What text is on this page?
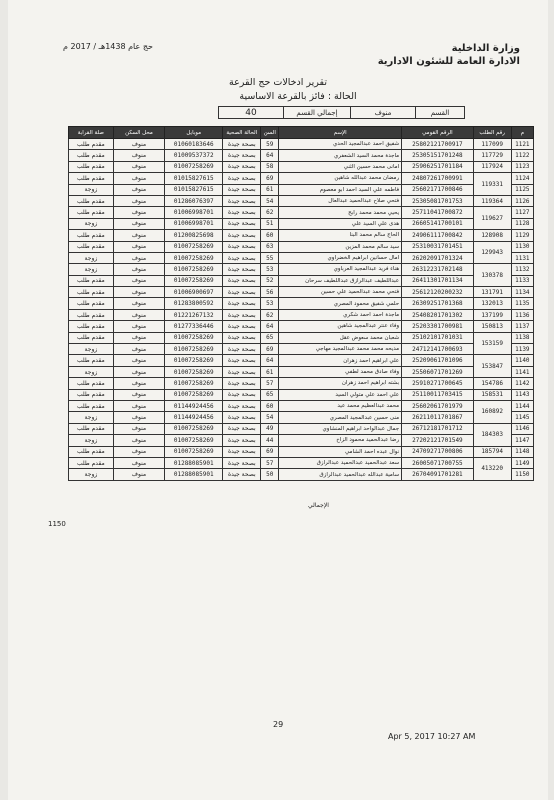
وزارة الداخلية
الادارة العامة للشئون الادارية
حج عام 1438هـ / 2017 م
تقرير ادخالات حج القرعة
الحالة : فائز بالقرعة الاساسية
القسم	منوف	إجمالي القسم	40
م	رقم الطلب	الرقم القومي	الإسم	السن	الحالة الصحية	موبايل	محل السكن	صلة القرابة
1121	117099	25802121700917	شفيق احمد عبدالمجيد الحدي	59	بصحة جيدة	01060183646	منوف	مقدم طلب
1122	117729	25305151701248	ماجدة محمد السيد الشعفري	64	بصحة جيدة	01009537372	منوف	مقدم طلب
1123	117924	25906251701184	امانى محمد حسين الثني	58	بصحة جيدة	01007258269	منوف	مقدم طلب
1124	119331	24807261700991	رمضان محمد عبدالله شاهين	69	بصحة جيدة	01015827615	منوف	مقدم طلب
1125		25602171700846	فاطمه علي السيد احمد ابو معصوم	61	بصحة جيدة	01015827615	منوف	زوجة
1126	119364	25305081701753	فتحي صلاح عبدالحميد عبدالعال	54	بصحة جيدة	01286076397	منوف	مقدم طلب
1127	119627	25711041700872	يحيي محمد محمد رابح	62	بصحة جيدة	01006998701	منوف	مقدم طلب
1128		26605141700101	هدى علي السيد علي	51	بصحة جيدة	01006998701	منوف	زوجة
1129	128908	24906111700842	الحاج سالم محمد البنا	60	بصحة جيدة	01200825698	منوف	مقدم طلب
1130	129943	25310031701451	سيد سالم محمد المزين	63	بصحة جيدة	01007258269	منوف	مقدم طلب
1131		26202091701324	امال حسانين ابراهيم الخضراوي	55	بصحة جيدة	01007258269	منوف	زوجة
1132	130378	26312231702148	هناء فريد عبدالمجيد العرباوي	53	بصحة جيدة	01007258269	منوف	زوجة
1133		26411301701134	عبداللطيف عبدالرازق عبداللطيف سرحان	52	بصحة جيدة	01007258269	منوف	مقدم طلب
1134	131791	25612120200232	فتحي محمد عبدالحميد علي حسين	56	بصحة جيدة	01006900697	منوف	مقدم طلب
1135	132013	26309251701368	حلمي شفيق محمود المصري	53	بصحة جيدة	01283800592	منوف	مقدم طلب
1136	137199	25408201701302	ماجدة احمد احمد شكري	62	بصحة جيدة	01221267132	منوف	مقدم طلب
1137	150813	25203301700981	وفاء عنتر عبدالمجيد شاهين	64	بصحة جيدة	01277336446	منوف	مقدم طلب
1138	153159	25102101701031	شعبان محمد سعوض عقل	65	بصحة جيدة	01007258269	منوف	مقدم طلب
1139		24712141700693	مديحه محمد محمد عبدالمجيد مهاجي	69	بصحة جيدة	01007258269	منوف	زوجة
1140	153847	25209061701096	علي ابراهيم احمد زهران	64	بصحة جيدة	01007258269	منوف	مقدم طلب
1141		25506071701269	وفاء صادق محمد لطفي	61	بصحة جيدة	01007258269	منوف	زوجة
1142	154786	25910271700645	بشته ابراهيم احمد زهران	57	بصحة جيدة	01007258269	منوف	مقدم طلب
1143	158531	25110011703415	علي احمد علي متولي السيد	65	بصحة جيدة	01007258269	منوف	مقدم طلب
1144	160892	25602061701979	محمد عبدالعظيم محمد عيد	60	بصحة جيدة	01144924456	منوف	مقدم طلب
1145		26211011701867	منى حسين عبدالمجيد المصري	54	بصحة جيدة	01144924456	منوف	زوجة
1146	184303	26712181701712	جمال عبدالواحد ابراهيم المنشاوي	49	بصحة جيدة	01007258269	منوف	مقدم طلب
1147		27202121701549	رضا عبدالحميد محمود الزاخ	44	بصحة جيدة	01007258269	منوف	زوجة
1148	185794	24709271700806	نوال عبده احمد الشامي	69	بصحة جيدة	01007258269	منوف	مقدم طلب
1149	413220	26005071700755	سعد عبدالحميد عبدالحميد عبدالرازق	57	بصحة جيدة	01288085901	منوف	مقدم طلب
1150		26704091701281	سامية عبدالله عبدالحميد عبدالرازق	50	بصحة جيدة	01288085901	منوف	زوجة
الإجمالي
1150
29
Apr 5, 2017 10:27 AM
